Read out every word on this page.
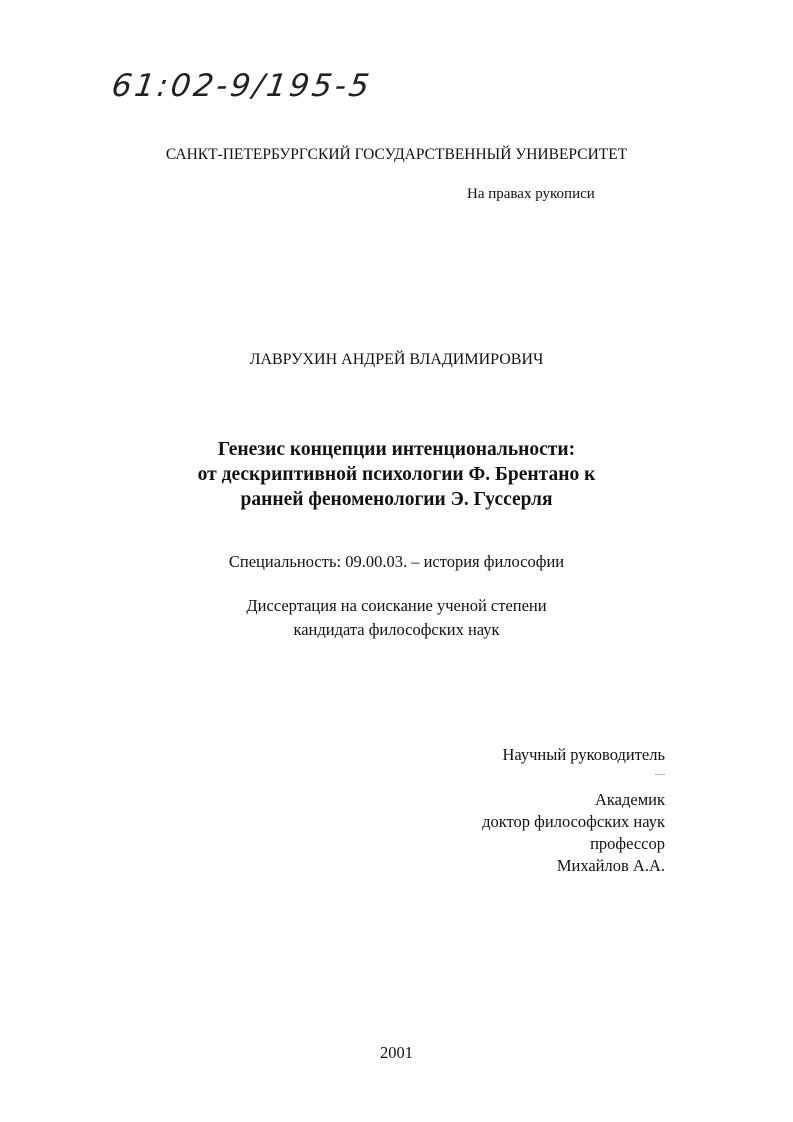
61:02-9/195-5
САНКТ-ПЕТЕРБУРГСКИЙ ГОСУДАРСТВЕННЫЙ УНИВЕРСИТЕТ
На правах рукописи
ЛАВРУХИН АНДРЕЙ ВЛАДИМИРОВИЧ
Генезис концепции интенциональности:
от дескриптивной психологии Ф. Брентано к
ранней феноменологии Э. Гуссерля
Специальность: 09.00.03. – история философии
Диссертация на соискание ученой степени
кандидата философских наук
Научный руководитель
—
Академик
доктор философских наук
профессор
Михайлов А.А.
2001
